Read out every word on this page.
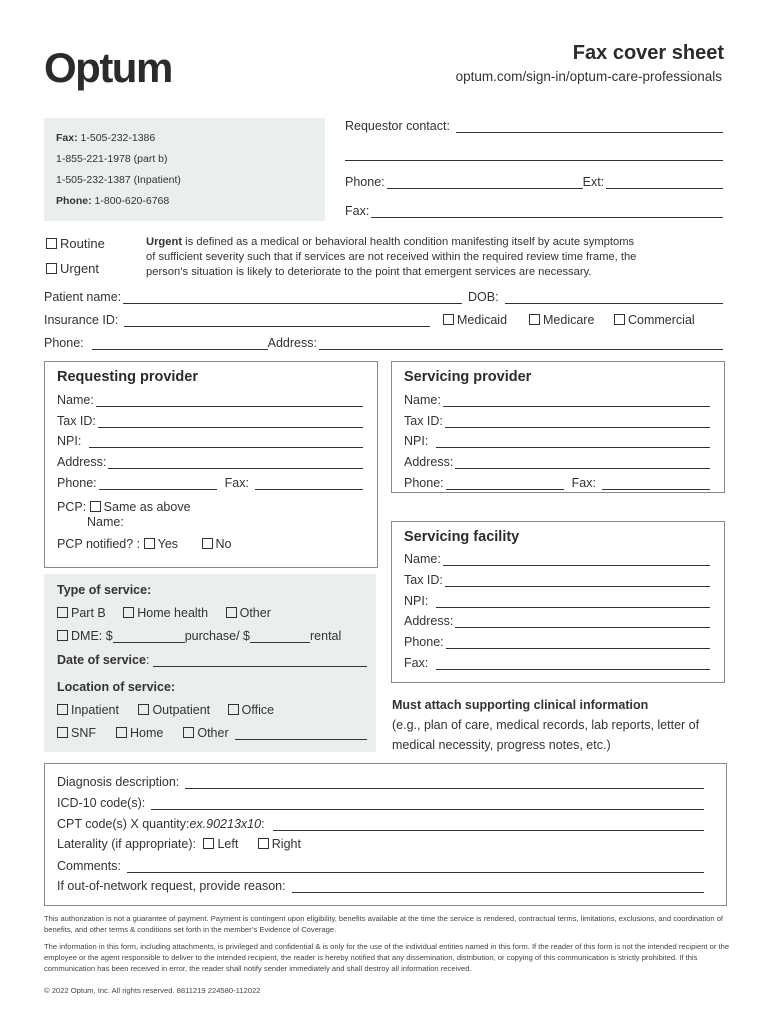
Optum	Fax cover sheet
optum.com/sign-in/optum-care-professionals
Fax: 1-505-232-1386
1-855-221-1978 (part b)
1-505-232-1387 (Inpatient)
Phone: 1-800-620-6768
Requestor contact:
Phone:	Ext:
Fax:
Routine
Urgent
Urgent is defined as a medical or behavioral health condition manifesting itself by acute symptoms
of sufficient severity such that if services are not received within the required review time frame, the
person’s situation is likely to deteriorate to the point that emergent services are necessary.
Patient name:	DOB:
Insurance ID:	Medicaid	Medicare	Commercial
Phone:	Address:
Requesting provider
Name:
Tax ID:
NPI:
Address:
Phone:	Fax:
PCP: Same as above
Name:
PCP notified? : Yes	No
Servicing provider
Name:
Tax ID:
NPI:
Address:
Phone:	Fax:
Servicing facility
Name:
Tax ID:
NPI:
Address:
Phone:
Fax:
Type of service:
Part B	Home health	Other
DME: $	purchase/ $	rental
Date of service :
Location of service:
Inpatient	Outpatient	Office
SNF	Home	Other
Must attach supporting clinical information
(e.g., plan of care, medical records, lab reports, letter of
medical necessity, progress notes, etc.)
Diagnosis description:
ICD-10 code(s):
CPT code(s) X quantity: ex.90213x10 :
Laterality (if appropriate): Left	Right
Comments:
If out-of-network request, provide reason:
This authorization is not a guarantee of payment. Payment is contingent upon eligibility, benefits available at the time the service is rendered, contractual terms, limitations, exclusions, and coordination of benefits, and other terms & conditions set forth in the member’s Evidence of Coverage.
The information in this form, including attachments, is privileged and confidential & is only for the use of the individual entities named in this form. If the reader of this form is not the intended recipient or the employee or the agent responsible to deliver to the intended recipient, the reader is hereby notified that any dissemination, distribution, or copying of this communication is strictly prohibited. If this communication has been received in error, the reader shall notify sender immediately and shall destroy all information received.
© 2022 Optum, Inc. All rights reserved. 8811219 224580-112022
